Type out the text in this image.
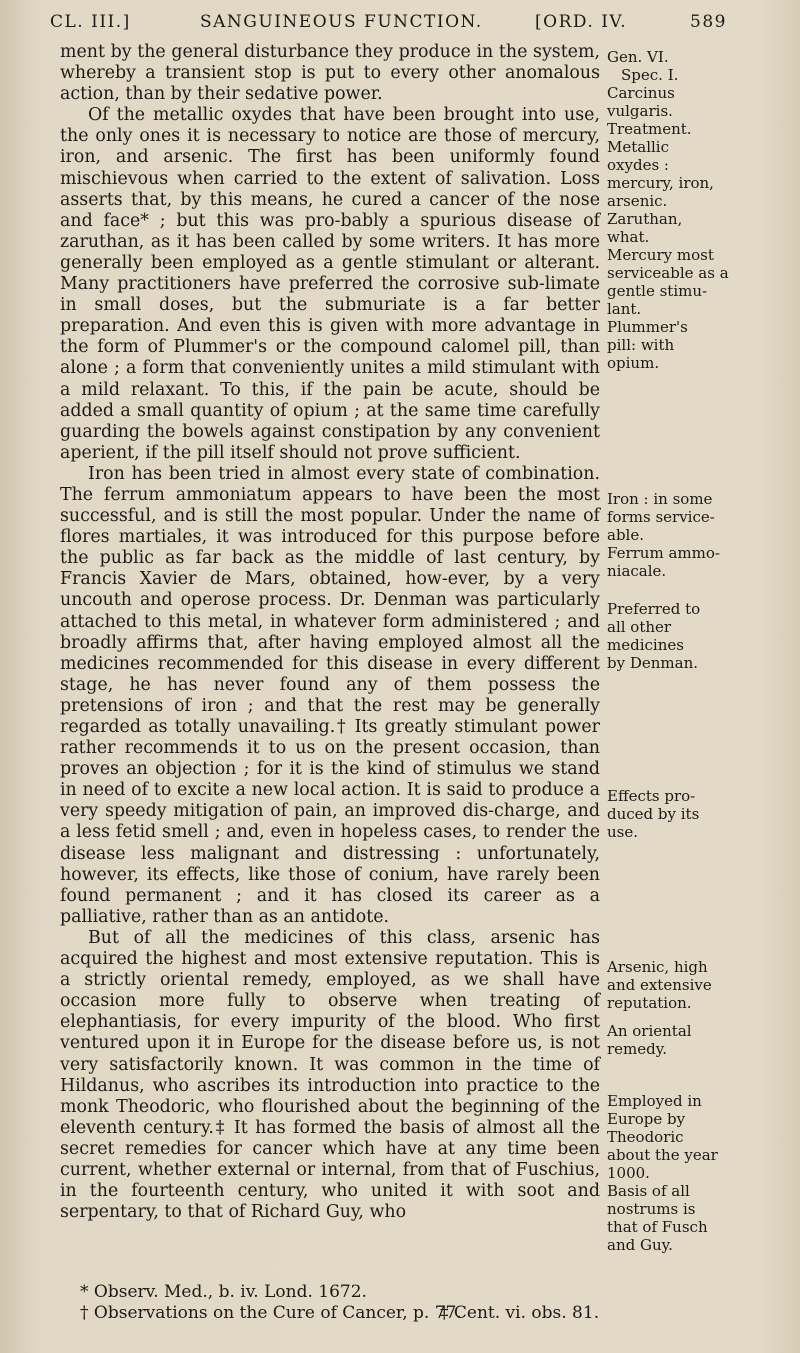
CL. III.]	SANGUINEOUS FUNCTION.	[ORD. IV.	589

ment by the general disturbance they produce in the system, whereby a transient stop is put to every other anomalous action, than by their sedative power.

Of the metallic oxydes that have been brought into use, the only ones it is necessary to notice are those of mercury, iron, and arsenic. The first has been uniformly found mischievous when carried to the extent of salivation. Loss asserts that, by this means, he cured a cancer of the nose and face* ; but this was pro-bably a spurious disease of zaruthan, as it has been called by some writers. It has more generally been employed as a gentle stimulant or alterant. Many practitioners have preferred the corrosive sub-limate in small doses, but the submuriate is a far better preparation. And even this is given with more advantage in the form of Plummer's or the compound calomel pill, than alone ; a form that conveniently unites a mild stimulant with a mild relaxant. To this, if the pain be acute, should be added a small quantity of opium ; at the same time carefully guarding the bowels against constipation by any convenient aperient, if the pill itself should not prove sufficient.

Iron has been tried in almost every state of combination. The ferrum ammoniatum appears to have been the most successful, and is still the most popular. Under the name of flores martiales, it was introduced for this purpose before the public as far back as the middle of last century, by Francis Xavier de Mars, obtained, how-ever, by a very uncouth and operose process. Dr. Denman was particularly attached to this metal, in whatever form administered ; and broadly affirms that, after having employed almost all the medicines recommended for this disease in every different stage, he has never found any of them possess the pretensions of iron ; and that the rest may be generally regarded as totally unavailing.† Its greatly stimulant power rather recommends it to us on the present occasion, than proves an objection ; for it is the kind of stimulus we stand in need of to excite a new local action. It is said to produce a very speedy mitigation of pain, an improved dis-charge, and a less fetid smell ; and, even in hopeless cases, to render the disease less malignant and distressing : unfortunately, however, its effects, like those of conium, have rarely been found permanent ; and it has closed its career as a palliative, rather than as an antidote.

But of all the medicines of this class, arsenic has acquired the highest and most extensive reputation. This is a strictly oriental remedy, employed, as we shall have occasion more fully to observe when treating of elephantiasis, for every impurity of the blood. Who first ventured upon it in Europe for the disease before us, is not very satisfactorily known. It was common in the time of Hildanus, who ascribes its introduction into practice to the monk Theodoric, who flourished about the beginning of the eleventh century.‡ It has formed the basis of almost all the secret remedies for cancer which have at any time been current, whether external or internal, from that of Fuschius, in the fourteenth century, who united it with soot and serpentary, to that of Richard Guy, who

Gen. VI.
Spec. I.
Carcinus
vulgaris.
Treatment.
Metallic
oxydes :
mercury, iron,
arsenic.
Zaruthan,
what.
Mercury most
serviceable as a
gentle stimu-
lant.
Plummer's
pill: with
opium.
Iron : in some
forms service-
able.
Ferrum ammo-
niacale.
Preferred to
all other
medicines
by Denman.
Effects pro-
duced by its
use.
Arsenic, high
and extensive
reputation.
An oriental
remedy.
Employed in
Europe by
Theodoric
about the year
1000.
Basis of all
nostrums is
that of Fusch
and Guy.
* Observ. Med., b. iv. Lond. 1672.
† Observations on the Cure of Cancer, p. 77.
‡ Cent. vi. obs. 81.
